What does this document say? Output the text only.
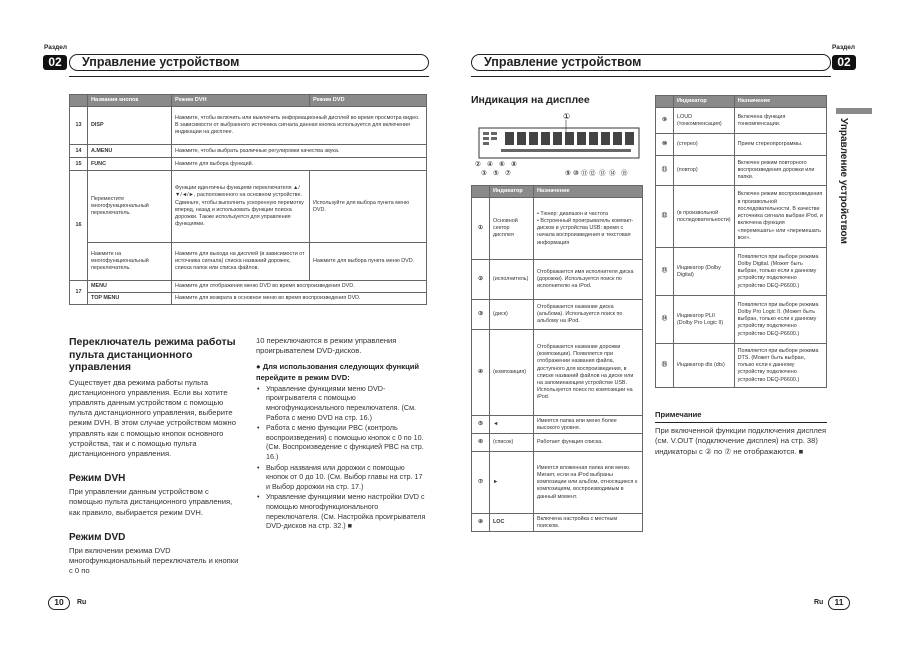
Раздел
02	Управление устройством
	Названия кнопок	Режим DVH	Режим DVD
13	DISP	Нажмите, чтобы включить или выключить информационный дисплей во время просмотра видео. В зависимости от выбранного источника сигнала данная кнопка используется для включения индикации на дисплее.	
14	A.MENU	Нажмите, чтобы выбрать различные регулировки качества звука.	
15	FUNC	Нажмите для выбора функций.	
16	Переместите многофункциональный переключатель.	Функции идентичны функциям переключателя ▲/▼/◄/►, расположенного на основном устройстве. Сдвиньте, чтобы выполнить ускоренную перемотку вперед, назад и использовать функции поиска дорожки. Также используется для управления функциями.	Используйте для выбора пункта меню DVD.
	Нажмите на многофункциональный переключатель.	Нажмите для выхода на дисплей (в зависимости от источника сигнала) списка названий дорожек, списка папок или списка файлов.	Нажмите для выбора пункта меню DVD.
17	MENU	Нажмите для отображения меню DVD во время воспроизведения DVD.	
	TOP MENU	Нажмите для возврата в основное меню во время воспроизведения DVD.	
Переключатель режима работы пульта дистанционного управления

Существует два режима работы пульта дистанционного управления. Если вы хотите управлять данным устройством с помощью пульта дистанционного управления, выберите режим DVH. В этом случае устройством можно управлять как с помощью кнопок основного устройства, так и с помощью пульта дистанционного управления.

Режим DVH

При управлении данным устройством с помощью пульта дистанционного управления, как правило, выбирается режим DVH.

Режим DVD

При включении режима DVD многофункциональный переключатель и кнопки с 0 по

10 переключаются в режим управления проигрывателем DVD-дисков.

● Для использования следующих функций перейдите в режим DVD:

• Управление функциями меню DVD-проигрывателя с помощью многофункционального переключателя. (См. Работа с меню DVD на стр. 16.)
• Работа с меню функции PBC (контроль воспроизведения) с помощью кнопок с 0 по 10. (См. Воспроизведение с функцией PBC на стр. 16.)
• Выбор названия или дорожки с помощью кнопок от 0 до 10. (См. Выбор главы на стр. 17 и Выбор дорожки на стр. 17.)
• Управление функциями меню настройки DVD с помощью многофункционального переключателя. (См. Настройка проигрывателя DVD-дисков на стр. 32.) ■
10	Ru
Управление устройством
Раздел
02
Управление устройством
Индикация на дисплее
①
②
③
④
⑤
⑥
⑦
⑧
⑨ ⑩ ⑪ ⑫ ⑬ ⑭ ⑮
	Индикатор	Назначение
①	Основной сектор дисплея	• Тюнер: диапазон и частота
• Встроенный проигрыватель компакт-дисков и устройства USB: время с начала воспроизведения и текстовая информация
②	(исполнитель)	Отображается имя исполнителя диска (дорожки). Используется поиск по исполнителю на iPod.
③	(диск)	Отображается название диска (альбома). Используется поиск по альбому на iPod.
④	(композиция)	Отображается название дорожки (композиции). Появляется при отображении названия файла, доступного для воспроизведения, в списке названий файлов на диске или на запоминающем устройстве USB. Используется поиск по композиции на iPod.
⑤	◄	Имеется папка или меню более высокого уровня.
⑥	(список)	Работает функция списка.
⑦	►	Имеется вложенная папка или меню. Мигает, если на iPod выбраны композиции или альбом, относящиеся к композициям, воспроизводимым в данный момент.
⑧	LOC	Включена настройка с местным поиском.
	Индикатор	Назначение
⑨	LOUD (тонкомпенсация)	Включена функция тонкомпенсации.
⑩	(стерео)	Прием стереопрограммы.
⑪	(повтор)	Включен режим повторного воспроизведения дорожки или папки.
⑫	(в произвольной последовательности)	Включен режим воспроизведения в произвольной последовательности. В качестве источника сигнала выбран iPod, и включена функция «перемешать» или «перемешать все».
⑬	Индикатор (Dolby Digital)	Появляется при выборе режима Dolby Digital. (Может быть выбран, только если к данному устройству подключено устройство DEQ-P6600.)
⑭	Индикатор PLII (Dolby Pro Logic II)	Появляется при выборе режима Dolby Pro Logic II. (Может быть выбран, только если к данному устройству подключено устройство DEQ-P6600.)
⑮	Индикатор dts (dts)	Появляется при выборе режима DTS. (Может быть выбран, только если к данному устройству подключено устройство DEQ-P6600.)

Примечание

При включенной функции подключения дисплея (см. V.OUT (подключение дисплея) на стр. 38) индикаторы с ② по ⑦ не отображаются. ■

Ru	11
